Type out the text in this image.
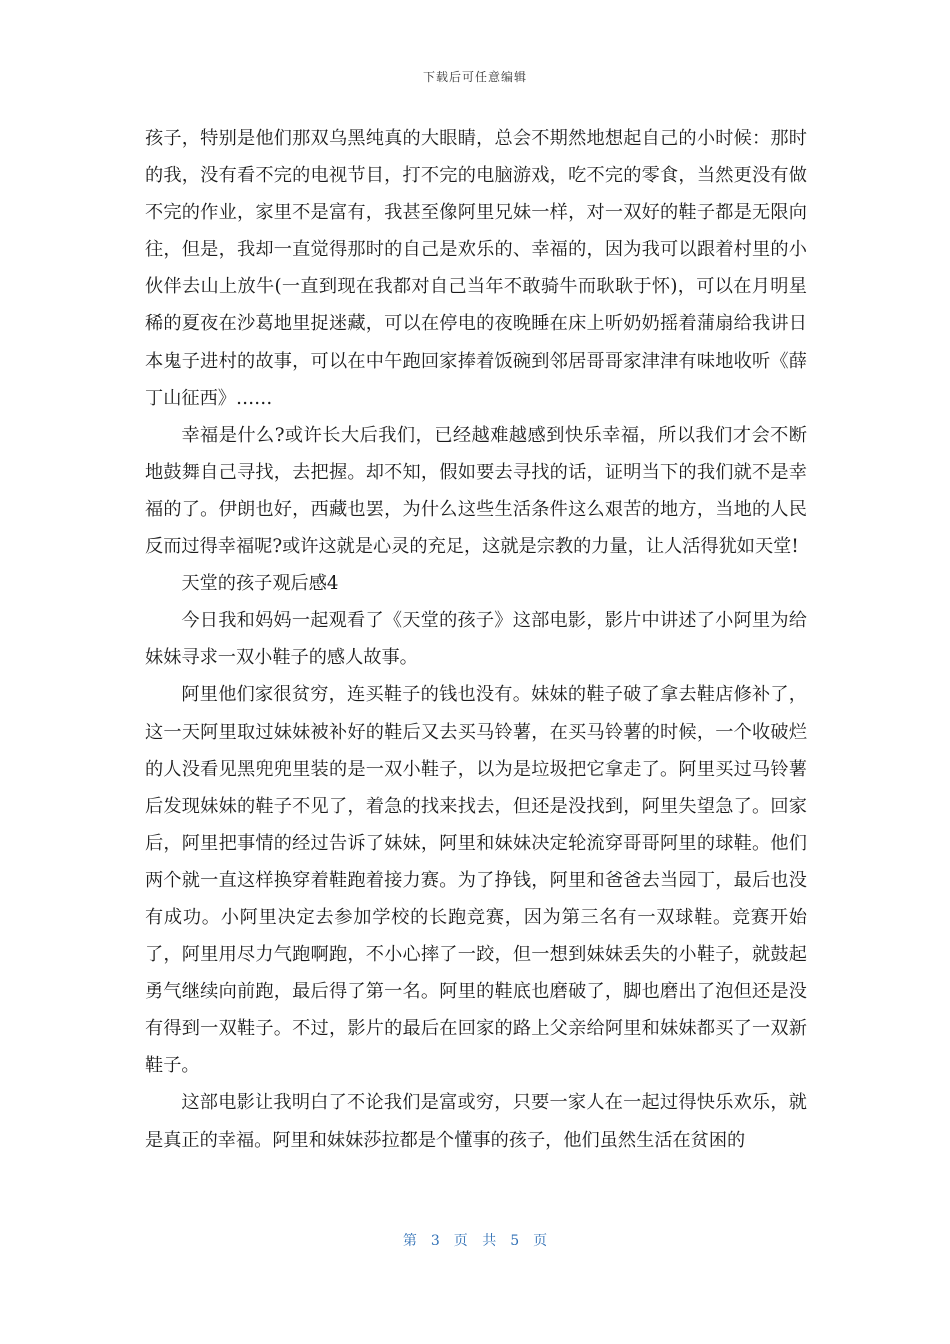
下载后可任意编辑

孩子，特别是他们那双乌黑纯真的大眼睛，总会不期然地想起自己的小时候：那时的我，没有看不完的电视节目，打不完的电脑游戏，吃不完的零食，当然更没有做不完的作业，家里不是富有，我甚至像阿里兄妹一样，对一双好的鞋子都是无限向往，但是，我却一直觉得那时的自己是欢乐的、幸福的，因为我可以跟着村里的小伙伴去山上放牛(一直到现在我都对自己当年不敢骑牛而耿耿于怀)，可以在月明星稀的夏夜在沙葛地里捉迷藏，可以在停电的夜晚睡在床上听奶奶摇着蒲扇给我讲日本鬼子进村的故事，可以在中午跑回家捧着饭碗到邻居哥哥家津津有味地收听《薛丁山征西》……

幸福是什么?或许长大后我们，已经越难越感到快乐幸福，所以我们才会不断地鼓舞自己寻找，去把握。却不知，假如要去寻找的话，证明当下的我们就不是幸福的了。伊朗也好，西藏也罢，为什么这些生活条件这么艰苦的地方，当地的人民反而过得幸福呢?或许这就是心灵的充足，这就是宗教的力量，让人活得犹如天堂!

天堂的孩子观后感4

今日我和妈妈一起观看了《天堂的孩子》这部电影，影片中讲述了小阿里为给妹妹寻求一双小鞋子的感人故事。

阿里他们家很贫穷，连买鞋子的钱也没有。妹妹的鞋子破了拿去鞋店修补了，这一天阿里取过妹妹被补好的鞋后又去买马铃薯，在买马铃薯的时候，一个收破烂的人没看见黑兜兜里装的是一双小鞋子，以为是垃圾把它拿走了。阿里买过马铃薯后发现妹妹的鞋子不见了，着急的找来找去，但还是没找到，阿里失望急了。回家后，阿里把事情的经过告诉了妹妹，阿里和妹妹决定轮流穿哥哥阿里的球鞋。他们两个就一直这样换穿着鞋跑着接力赛。为了挣钱，阿里和爸爸去当园丁，最后也没有成功。小阿里决定去参加学校的长跑竞赛，因为第三名有一双球鞋。竞赛开始了，阿里用尽力气跑啊跑，不小心摔了一跤，但一想到妹妹丢失的小鞋子，就鼓起勇气继续向前跑，最后得了第一名。阿里的鞋底也磨破了，脚也磨出了泡但还是没有得到一双鞋子。不过，影片的最后在回家的路上父亲给阿里和妹妹都买了一双新鞋子。

这部电影让我明白了不论我们是富或穷，只要一家人在一起过得快乐欢乐，就是真正的幸福。阿里和妹妹莎拉都是个懂事的孩子，他们虽然生活在贫困的

第 3 页 共 5 页
